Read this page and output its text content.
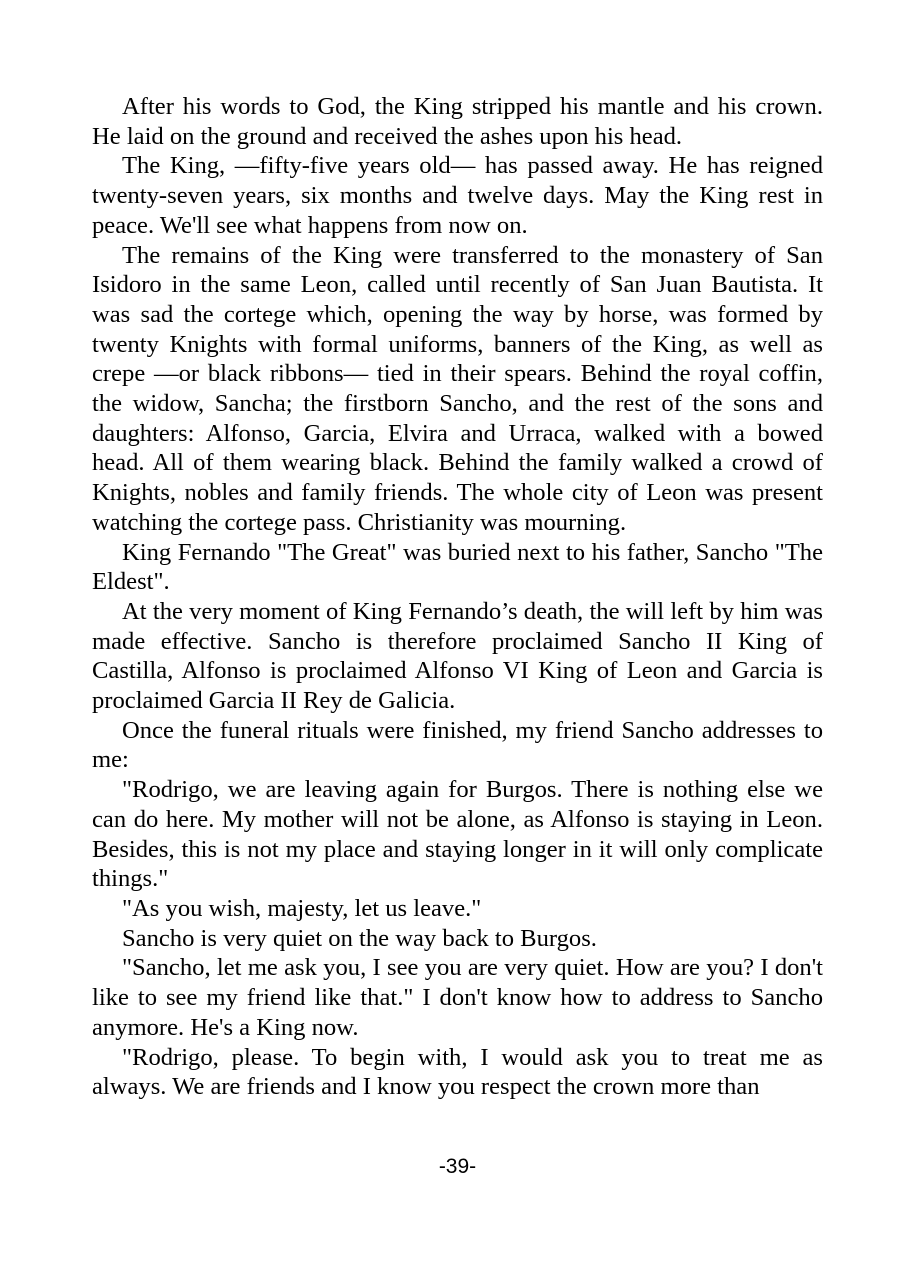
After his words to God, the King stripped his mantle and his crown. He laid on the ground and received the ashes upon his head.

The King, ―fifty-five years old― has passed away. He has reigned twenty-seven years, six months and twelve days. May the King rest in peace. We'll see what happens from now on.

The remains of the King were transferred to the monastery of San Isidoro in the same Leon, called until recently of San Juan Bautista. It was sad the cortege which, opening the way by horse, was formed by twenty Knights with formal uniforms, banners of the King, as well as crepe ―or black ribbons― tied in their spears. Behind the royal coffin, the widow, Sancha; the firstborn Sancho, and the rest of the sons and daughters: Alfonso, Garcia, Elvira and Urraca, walked with a bowed head. All of them wearing black. Behind the family walked a crowd of Knights, nobles and family friends. The whole city of Leon was present watching the cortege pass. Christianity was mourning.

King Fernando "The Great" was buried next to his father, Sancho "The Eldest".

At the very moment of King Fernando’s death, the will left by him was made effective. Sancho is therefore proclaimed Sancho II King of Castilla, Alfonso is proclaimed Alfonso VI King of Leon and Garcia is proclaimed Garcia II Rey de Galicia.

Once the funeral rituals were finished, my friend Sancho addresses to me:

"Rodrigo, we are leaving again for Burgos. There is nothing else we can do here. My mother will not be alone, as Alfonso is staying in Leon. Besides, this is not my place and staying longer in it will only complicate things."

"As you wish, majesty, let us leave."

Sancho is very quiet on the way back to Burgos.

"Sancho, let me ask you, I see you are very quiet. How are you? I don't like to see my friend like that." I don't know how to address to Sancho anymore. He's a King now.

"Rodrigo, please. To begin with, I would ask you to treat me as always. We are friends and I know you respect the crown more than

-39-
